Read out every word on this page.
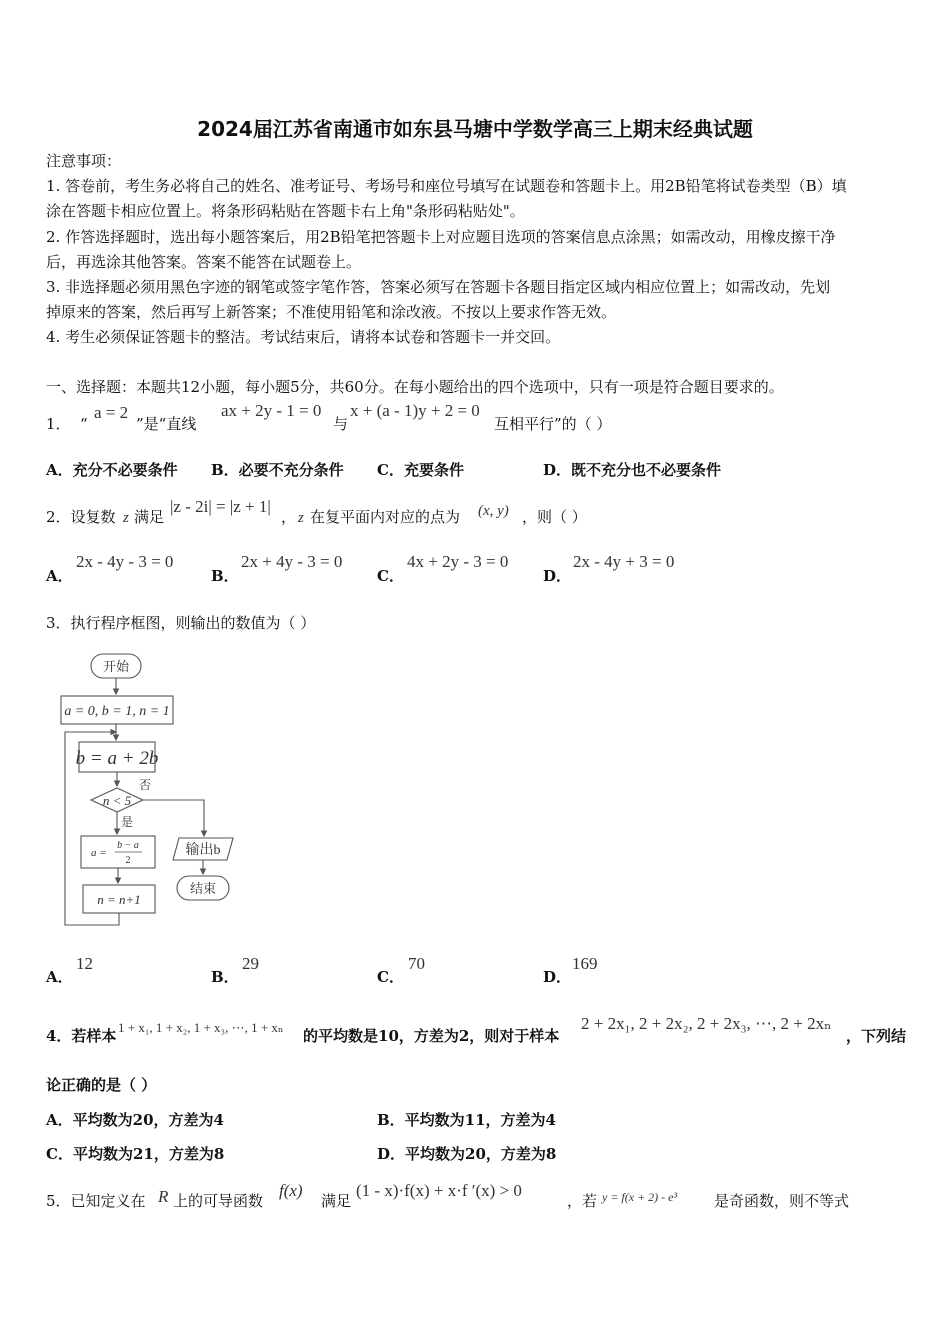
2024届江苏省南通市如东县马塘中学数学高三上期末经典试题
注意事项：
1. 答卷前，考生务必将自己的姓名、准考证号、考场号和座位号填写在试题卷和答题卡上。用2B铅笔将试卷类型（B）填
涂在答题卡相应位置上。将条形码粘贴在答题卡右上角"条形码粘贴处"。
2. 作答选择题时，选出每小题答案后，用2B铅笔把答题卡上对应题目选项的答案信息点涂黑；如需改动，用橡皮擦干净
后，再选涂其他答案。答案不能答在试题卷上。
3. 非选择题必须用黑色字迹的钢笔或签字笔作答，答案必须写在答题卡各题目指定区域内相应位置上；如需改动，先划
掉原来的答案，然后再写上新答案；不准使用铅笔和涂改液。不按以上要求作答无效。
4. 考生必须保证答题卡的整洁。考试结束后，请将本试卷和答题卡一并交回。
一、选择题：本题共12小题，每小题5分，共60分。在每小题给出的四个选项中，只有一项是符合题目要求的。
1． “
a = 2
”是“直线
ax + 2y - 1 = 0
与
x + (a - 1)y + 2 = 0
互相平行”的（ ）
A．充分不必要条件 B．必要不充分条件 C．充要条件	D．既不充分也不必要条件
2．设复数 z 满足
|z - 2i| = |z + 1|
， z 在复平面内对应的点为 (x, y) ，则（ ）
A．
2x - 4y - 3 = 0
B．
2x + 4y - 3 = 0
C．
4x + 2y - 3 = 0
D．
2x - 4y + 3 = 0
3．执行程序框图，则输出的数值为（ ）
开始
a = 0, b = 1, n = 1
b = a + 2b
n < 5
否
是
a =
b − a
2
n = n+1
输出b
结束
A．
12
B．
29
C．
70
D．
169
4．若样本 1 + x₁, 1 + x₂, 1 + x₃, ⋯, 1 + xₙ 的平均数是10，方差为2，则对于样本
2 + 2x₁, 2 + 2x₂, 2 + 2x₃, ⋯, 2 + 2xₙ
，下列结
论正确的是（ ）
A．平均数为20，方差为4	B．平均数为11，方差为4
C．平均数为21，方差为8	D．平均数为20，方差为8
5．已知定义在 R 上的可导函数
f(x)
满足
(1 - x)·f(x) + x·f ′(x) > 0
，若 y = f(x + 2) - e³ 是奇函数，则不等式
